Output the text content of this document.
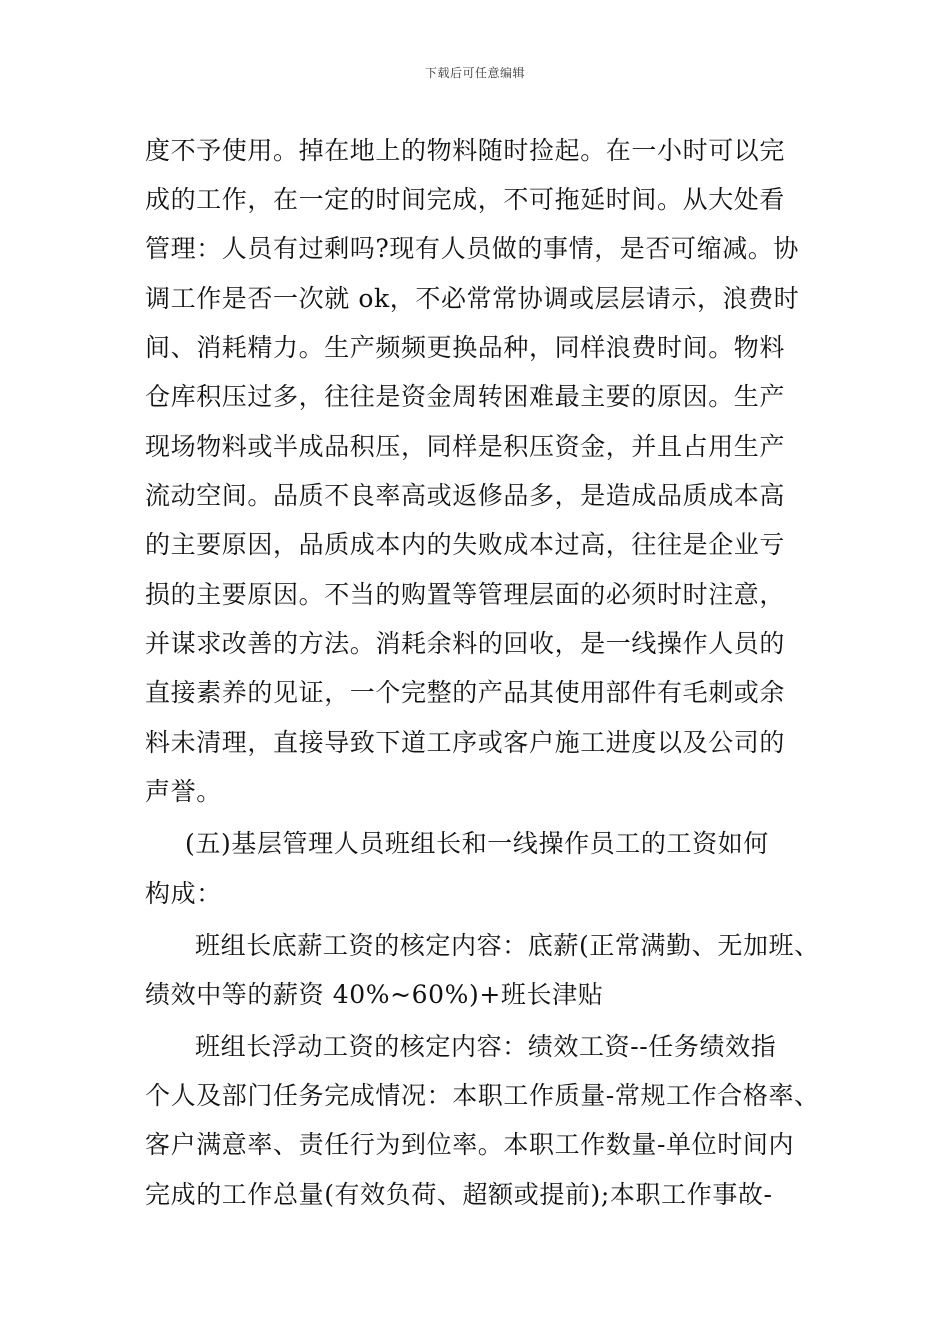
下载后可任意编辑
度不予使用。掉在地上的物料随时捡起。在一小时可以完
成的工作，在一定的时间完成，不可拖延时间。从大处看
管理：人员有过剩吗?现有人员做的事情，是否可缩减。协
调工作是否一次就 ok，不必常常协调或层层请示，浪费时
间、消耗精力。生产频频更换品种，同样浪费时间。物料
仓库积压过多，往往是资金周转困难最主要的原因。生产
现场物料或半成品积压，同样是积压资金，并且占用生产
流动空间。品质不良率高或返修品多，是造成品质成本高
的主要原因，品质成本内的失败成本过高，往往是企业亏
损的主要原因。不当的购置等管理层面的必须时时注意，
并谋求改善的方法。消耗余料的回收，是一线操作人员的
直接素养的见证，一个完整的产品其使用部件有毛刺或余
料未清理，直接导致下道工序或客户施工进度以及公司的
声誉。
(五)基层管理人员班组长和一线操作员工的工资如何
构成：
班组长底薪工资的核定内容：底薪(正常满勤、无加班、
绩效中等的薪资 40%~60%)+班长津贴
班组长浮动工资的核定内容：绩效工资--任务绩效指
个人及部门任务完成情况：本职工作质量-常规工作合格率、
客户满意率、责任行为到位率。本职工作数量-单位时间内
完成的工作总量(有效负荷、超额或提前);本职工作事故-
